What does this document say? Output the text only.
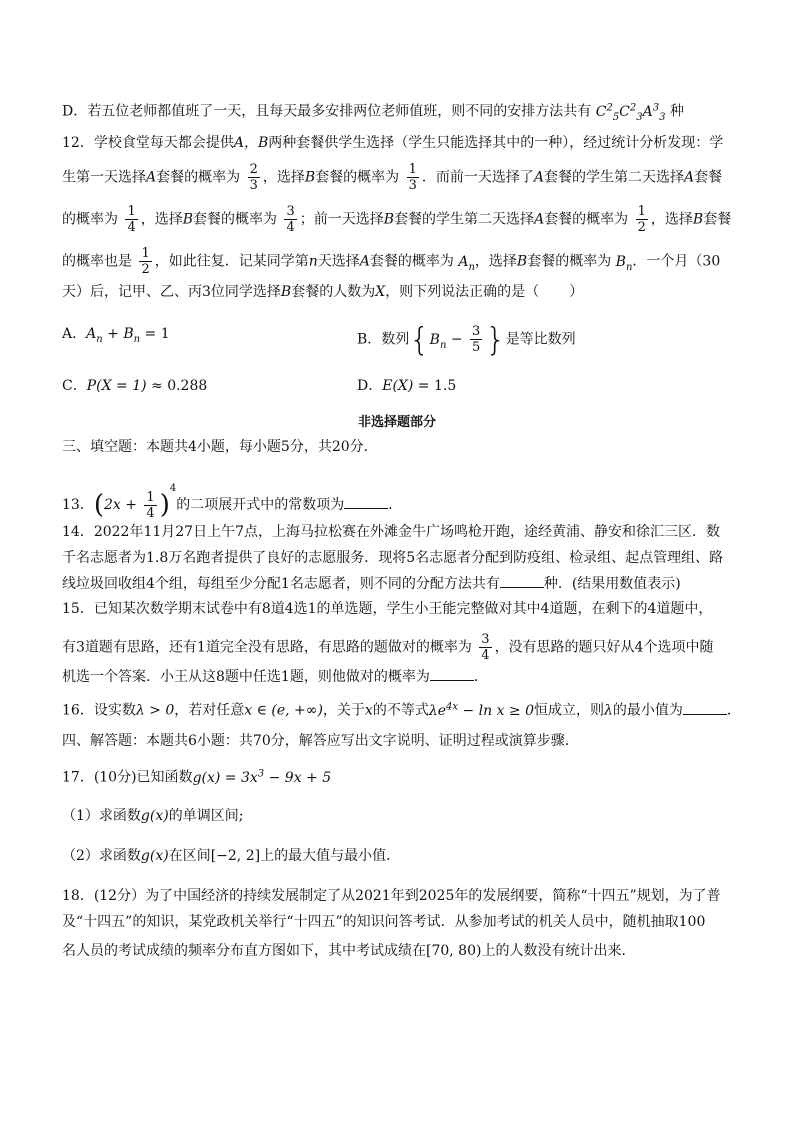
D．若五位老师都值班了一天，且每天最多安排两位老师值班，则不同的安排方法共有 $C^2_5C^2_3A^3_3$ 种
12．学校食堂每天都会提供A，B两种套餐供学生选择（学生只能选择其中的一种），经过统计分析发现：学
生第一天选择A套餐的概率为 $\frac{2}{3}$ ，选择B套餐的概率为 $\frac{1}{3}$ ．而前一天选择了A套餐的学生第二天选择A套餐
的概率为 $\frac{1}{4}$ ，选择B套餐的概率为 $\frac{3}{4}$ ；前一天选择B套餐的学生第二天选择A套餐的概率为 $\frac{1}{2}$ ，选择B套餐
的概率也是 $\frac{1}{2}$ ，如此往复．记某同学第n天选择A套餐的概率为 $A_n$，选择B套餐的概率为 $B_n$．一个月（30
天）后，记甲、乙、丙3位同学选择B套餐的人数为X，则下列说法正确的是（ ）
A．$A_n + B_n = 1$	B．数列{$B_n - \frac{3}{5}$ }是等比数列
C．P(X = 1) ≈ 0.288	D．E(X) = 1.5
非选择题部分
三、填空题：本题共4小题，每小题5分，共20分．
13．$(2x + \frac{1}{4} )^4$的二项展开式中的常数项为	．
14．2022年11月27日上午7点，上海马拉松赛在外滩金牛广场鸣枪开跑，途经黄浦、静安和徐汇三区．数
千名志愿者为1.8万名跑者提供了良好的志愿服务．现将5名志愿者分配到防疫组、检录组、起点管理组、路
线垃圾回收组4个组，每组至少分配1名志愿者，则不同的分配方法共有	种．(结果用数值表示)
15．已知某次数学期末试卷中有8道4选1的单选题，学生小王能完整做对其中4道题，在剩下的4道题中，
有3道题有思路，还有1道完全没有思路，有思路的题做对的概率为 $\frac{3}{4}$ ，没有思路的题只好从4个选项中随
机选一个答案．小王从这8题中任选1题，则他做对的概率为	．
16．设实数λ > 0，若对任意x ∈ (e, +∞)，关于x的不等式$\lambda e^{4x} - \ln x \ge 0$恒成立，则λ的最小值为	．
四、解答题：本题共6小题：共70分，解答应写出文字说明、证明过程或演算步骤．
17．(10分)已知函数$g(x) = 3x^3 - 9x + 5$
（1）求函数g(x)的单调区间;
（2）求函数g(x)在区间[−2, 2]上的最大值与最小值．
18．(12分）为了中国经济的持续发展制定了从2021年到2025年的发展纲要，简称“十四五”规划，为了普
及“十四五”的知识，某党政机关举行“十四五”的知识问答考试．从参加考试的机关人员中，随机抽取100
名人员的考试成绩的频率分布直方图如下，其中考试成绩在[70, 80)上的人数没有统计出来．
